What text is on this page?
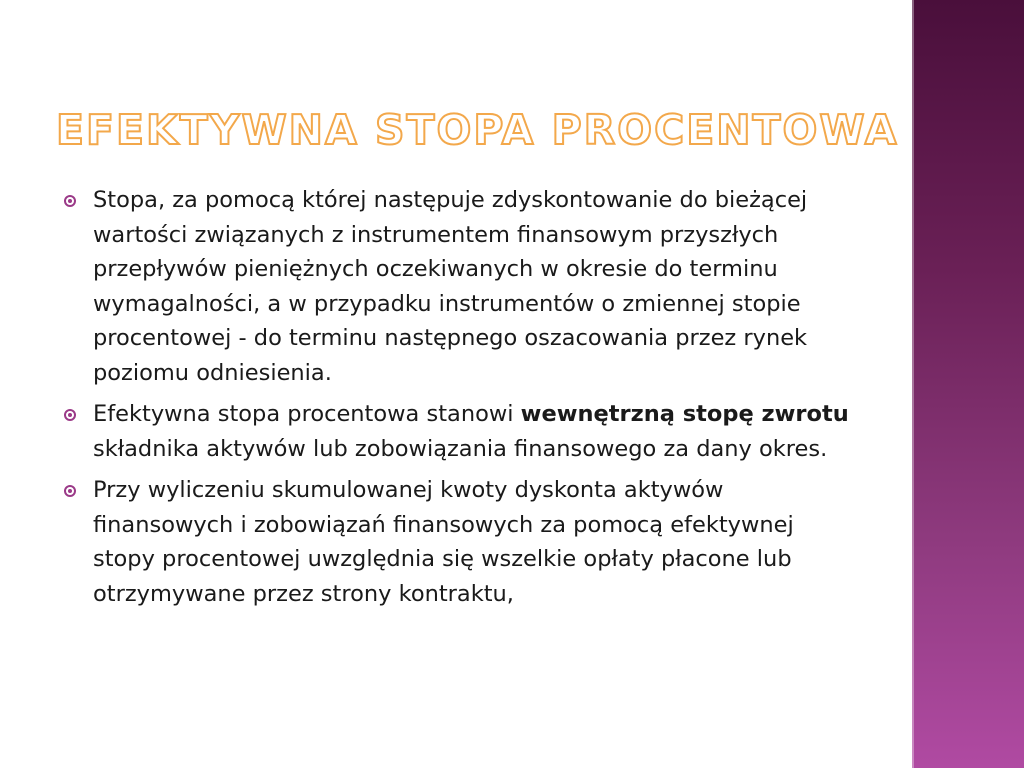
EFEKTYWNA STOPA PROCENTOWA
Stopa, za pomocą której następuje zdyskontowanie do bieżącej wartości związanych z instrumentem finansowym przyszłych przepływów pieniężnych oczekiwanych w okresie do terminu wymagalności, a w przypadku instrumentów o zmiennej stopie procentowej - do terminu następnego oszacowania przez rynek poziomu odniesienia.
Efektywna stopa procentowa stanowi wewnętrzną stopę zwrotu składnika aktywów lub zobowiązania finansowego za dany okres.
Przy wyliczeniu skumulowanej kwoty dyskonta aktywów finansowych i zobowiązań finansowych za pomocą efektywnej stopy procentowej uwzględnia się wszelkie opłaty płacone lub otrzymywane przez strony kontraktu,
